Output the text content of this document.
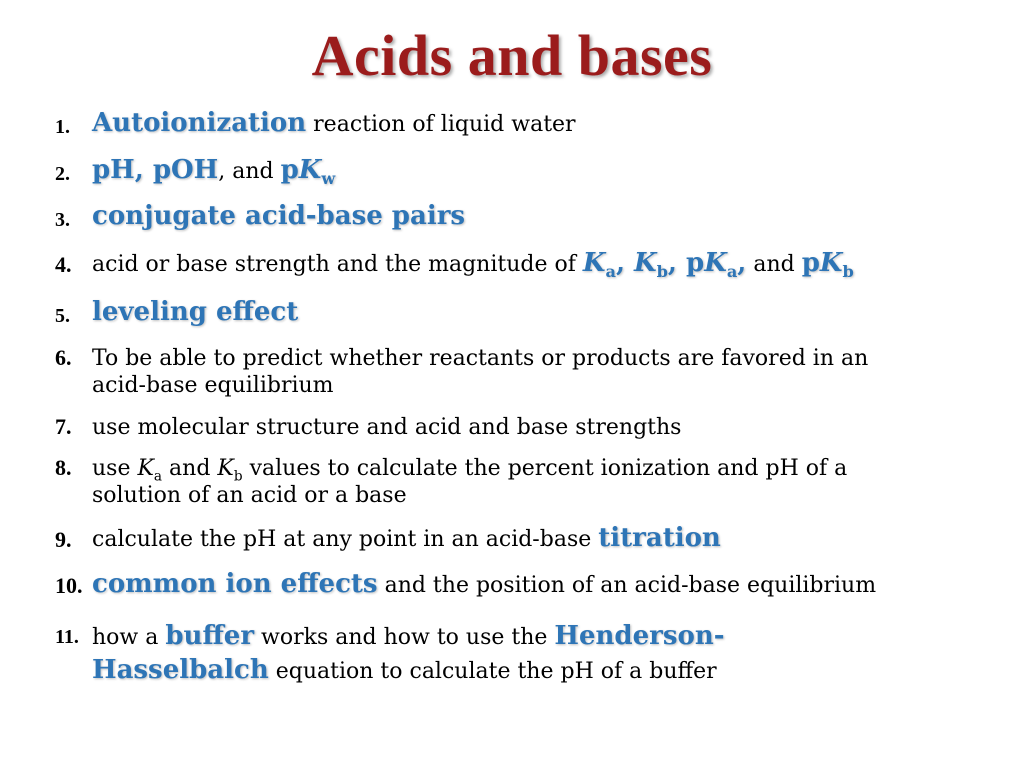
Acids and bases
1. Autoionization reaction of liquid water
2. pH, pOH, and $pK_w$
3. conjugate acid-base pairs
4. acid or base strength and the magnitude of $K_a$, $K_b$, $pK_a$, and $pK_b$
5. leveling effect
6. To be able to predict whether reactants or products are favored in an acid-base equilibrium
7. use molecular structure and acid and base strengths
8. use $K_a$ and $K_b$ values to calculate the percent ionization and pH of a solution of an acid or a base
9. calculate the pH at any point in an acid-base titration
10. common ion effects and the position of an acid-base equilibrium
11. how a buffer works and how to use the Henderson-Hasselbalch equation to calculate the pH of a buffer
